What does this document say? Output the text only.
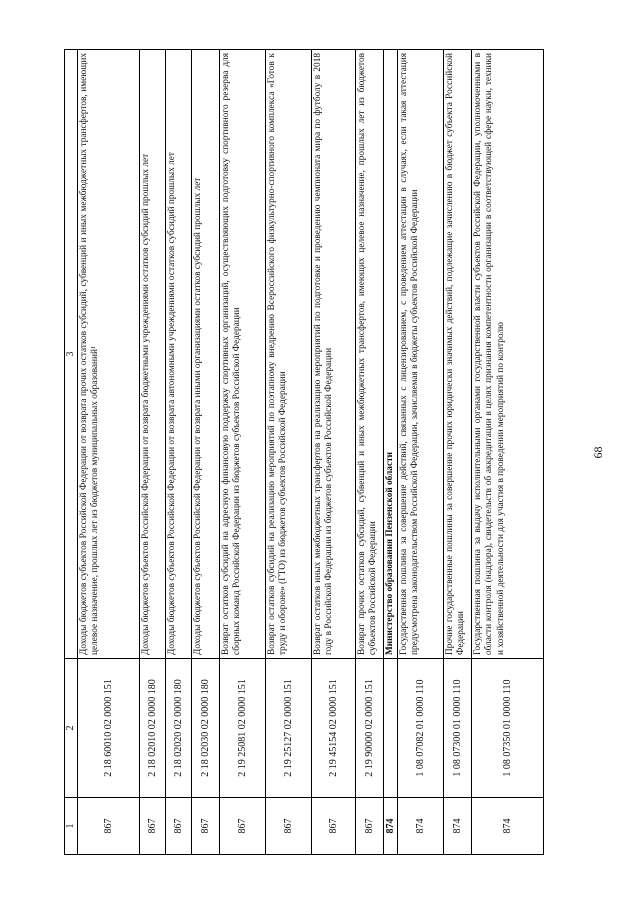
68
1	2	3
867	2 18 60010 02 0000 151	Доходы бюджетов субъектов Российской Федерации от возврата прочих остатков субсидий, субвенций и иных межбюджетных трансфертов, имеющих целевое назначение, прошлых лет из бюджетов муниципальных образований¹
867	2 18 02010 02 0000 180	Доходы бюджетов субъектов Российской Федерации от возврата бюджетными учреждениями остатков субсидий прошлых лет
867	2 18 02020 02 0000 180	Доходы бюджетов субъектов Российской Федерации от возврата автономными учреждениями остатков субсидий прошлых лет
867	2 18 02030 02 0000 180	Доходы бюджетов субъектов Российской Федерации от возврата иными организациями остатков субсидий прошлых лет
867	2 19 25081 02 0000 151	Возврат остатков субсидий на адресную финансовую поддержку спортивных организаций, осуществляющих подготовку спортивного резерва для сборных команд Российской Федерации из бюджетов субъектов Российской Федерации
867	2 19 25127 02 0000 151	Возврат остатков субсидий на реализацию мероприятий по поэтапному внедрению Всероссийского физкультурно-спортивного комплекса «Готов к труду и обороне» (ГТО) из бюджетов субъектов Российской Федерации
867	2 19 45154 02 0000 151	Возврат остатков иных межбюджетных трансфертов на реализацию мероприятий по подготовке и проведению чемпионата мира по футболу в 2018 году в Российской Федерации из бюджетов субъектов Российской Федерации
867	2 19 90000 02 0000 151	Возврат прочих остатков субсидий, субвенций и иных межбюджетных трансфертов, имеющих целевое назначение, прошлых лет из бюджетов субъектов Российской Федерации
874		Министерство образования Пензенской области
874	1 08 07082 01 0000 110	Государственная пошлина за совершение действий, связанных с лицензированием, с проведением аттестации в случаях, если такая аттестация предусмотрена законодательством Российской Федерации, зачисляемая в бюджеты субъектов Российской Федерации
874	1 08 07300 01 0000 110	Прочие государственные пошлины за совершение прочих юридически значимых действий, подлежащие зачислению в бюджет субъекта Российской Федерации
874	1 08 07350 01 0000 110	Государственная пошлина за выдачу исполнительными органами государственной власти субъектов Российской Федерации, уполномоченными в области контроля (надзора), свидетельств об аккредитации в целях признания компетентности организации в соответствующей сфере науки, техники и хозяйственной деятельности для участия в проведении мероприятий по контролю
